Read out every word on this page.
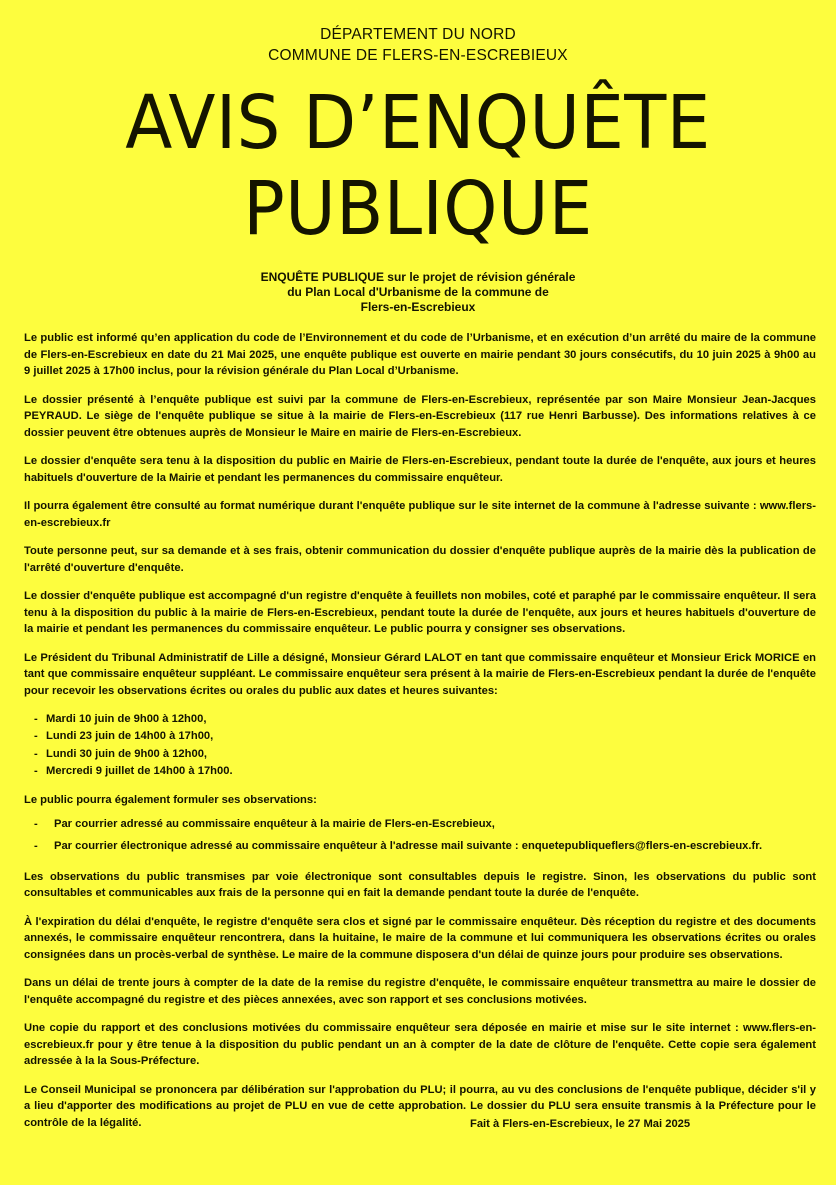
DÉPARTEMENT DU NORD
COMMUNE DE FLERS-EN-ESCREBIEUX
AVIS D’ENQUÊTE
PUBLIQUE
ENQUÊTE PUBLIQUE sur le projet de révision générale
du Plan Local d'Urbanisme de la commune de
Flers-en-Escrebieux

Le public est informé qu’en application du code de l’Environnement et du code de l’Urbanisme, et en exécution d’un arrêté du maire de la commune de Flers-en-Escrebieux en date du 21 Mai 2025, une enquête publique est ouverte en mairie pendant 30 jours consécutifs, du 10 juin 2025 à 9h00 au 9 juillet 2025 à 17h00 inclus, pour la révision générale du Plan Local d’Urbanisme.

Le dossier présenté à l’enquête publique est suivi par la commune de Flers-en-Escrebieux, représentée par son Maire Monsieur Jean-Jacques PEYRAUD. Le siège de l'enquête publique se situe à la mairie de Flers-en-Escrebieux (117 rue Henri Barbusse). Des informations relatives à ce dossier peuvent être obtenues auprès de Monsieur le Maire en mairie de Flers-en-Escrebieux.

Le dossier d'enquête sera tenu à la disposition du public en Mairie de Flers-en-Escrebieux, pendant toute la durée de l'enquête, aux jours et heures habituels d'ouverture de la Mairie et pendant les permanences du commissaire enquêteur.

Il pourra également être consulté au format numérique durant l'enquête publique sur le site internet de la commune à l'adresse suivante : www.flers-en-escrebieux.fr

Toute personne peut, sur sa demande et à ses frais, obtenir communication du dossier d'enquête publique auprès de la mairie dès la publication de l'arrêté d'ouverture d'enquête.

Le dossier d'enquête publique est accompagné d'un registre d'enquête à feuillets non mobiles, coté et paraphé par le commissaire enquêteur. Il sera tenu à la disposition du public à la mairie de Flers-en-Escrebieux, pendant toute la durée de l'enquête, aux jours et heures habituels d'ouverture de la mairie et pendant les permanences du commissaire enquêteur. Le public pourra y consigner ses observations.

Le Président du Tribunal Administratif de Lille a désigné, Monsieur Gérard LALOT en tant que commissaire enquêteur et Monsieur Erick MORICE en tant que commissaire enquêteur suppléant. Le commissaire enquêteur sera présent à la mairie de Flers-en-Escrebieux pendant la durée de l'enquête pour recevoir les observations écrites ou orales du public aux dates et heures suivantes:

- Mardi 10 juin de 9h00 à 12h00,
- Lundi 23 juin de 14h00 à 17h00,
- Lundi 30 juin de 9h00 à 12h00,
- Mercredi 9 juillet de 14h00 à 17h00.

Le public pourra également formuler ses observations:

- Par courrier adressé au commissaire enquêteur à la mairie de Flers-en-Escrebieux,
- Par courrier électronique adressé au commissaire enquêteur à l'adresse mail suivante : enquetepubliqueflers@flers-en-escrebieux.fr.

Les observations du public transmises par voie électronique sont consultables depuis le registre. Sinon, les observations du public sont consultables et communicables aux frais de la personne qui en fait la demande pendant toute la durée de l'enquête.

À l'expiration du délai d'enquête, le registre d'enquête sera clos et signé par le commissaire enquêteur. Dès réception du registre et des documents annexés, le commissaire enquêteur rencontrera, dans la huitaine, le maire de la commune et lui communiquera les observations écrites ou orales consignées dans un procès-verbal de synthèse. Le maire de la commune disposera d'un délai de quinze jours pour produire ses observations.

Dans un délai de trente jours à compter de la date de la remise du registre d'enquête, le commissaire enquêteur transmettra au maire le dossier de l'enquête accompagné du registre et des pièces annexées, avec son rapport et ses conclusions motivées.

Une copie du rapport et des conclusions motivées du commissaire enquêteur sera déposée en mairie et mise sur le site internet : www.flers-en-escrebieux.fr pour y être tenue à la disposition du public pendant un an à compter de la date de clôture de l'enquête. Cette copie sera également adressée à la la Sous-Préfecture.

Le Conseil Municipal se prononcera par délibération sur l'approbation du PLU; il pourra, au vu des conclusions de l'enquête publique, décider s'il y a lieu d'apporter des modifications au projet de PLU en vue de cette approbation. Le dossier du PLU sera ensuite transmis à la Préfecture pour le contrôle de la légalité.	Fait à Flers-en-Escrebieux, le 27 Mai 2025
